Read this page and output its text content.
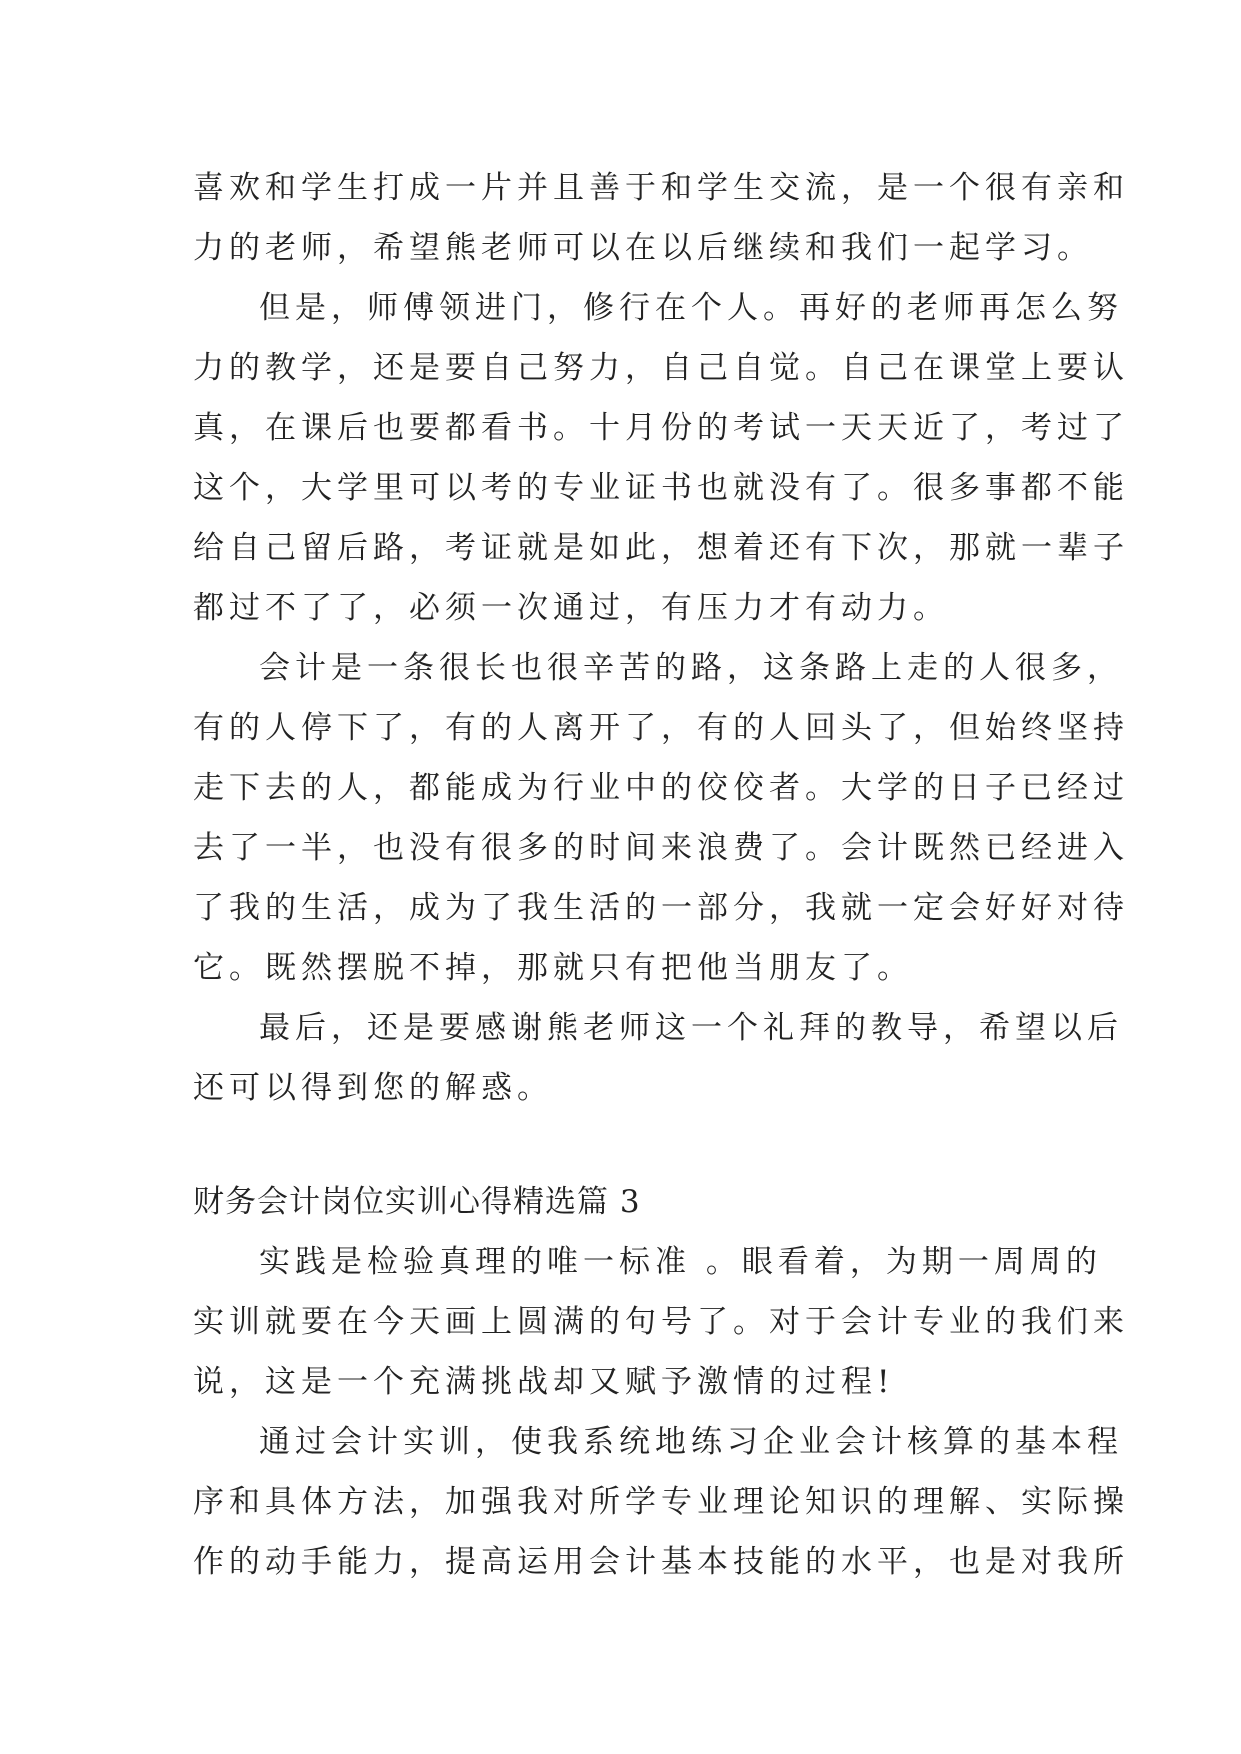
喜欢和学生打成一片并且善于和学生交流，是一个很有亲和
力的老师，希望熊老师可以在以后继续和我们一起学习。
但是，师傅领进门，修行在个人。再好的老师再怎么努
力的教学，还是要自己努力，自己自觉。自己在课堂上要认
真，在课后也要都看书。十月份的考试一天天近了，考过了
这个，大学里可以考的专业证书也就没有了。很多事都不能
给自己留后路，考证就是如此，想着还有下次，那就一辈子
都过不了了，必须一次通过，有压力才有动力。
会计是一条很长也很辛苦的路，这条路上走的人很多，
有的人停下了，有的人离开了，有的人回头了，但始终坚持
走下去的人，都能成为行业中的佼佼者。大学的日子已经过
去了一半，也没有很多的时间来浪费了。会计既然已经进入
了我的生活，成为了我生活的一部分，我就一定会好好对待
它。既然摆脱不掉，那就只有把他当朋友了。
最后，还是要感谢熊老师这一个礼拜的教导，希望以后
还可以得到您的解惑。
财务会计岗位实训心得精选篇 3
实践是检验真理的唯一标准 。眼看着，为期一周周的
实训就要在今天画上圆满的句号了。对于会计专业的我们来
说，这是一个充满挑战却又赋予激情的过程!
通过会计实训，使我系统地练习企业会计核算的基本程
序和具体方法，加强我对所学专业理论知识的理解、实际操
作的动手能力，提高运用会计基本技能的水平，也是对我所
